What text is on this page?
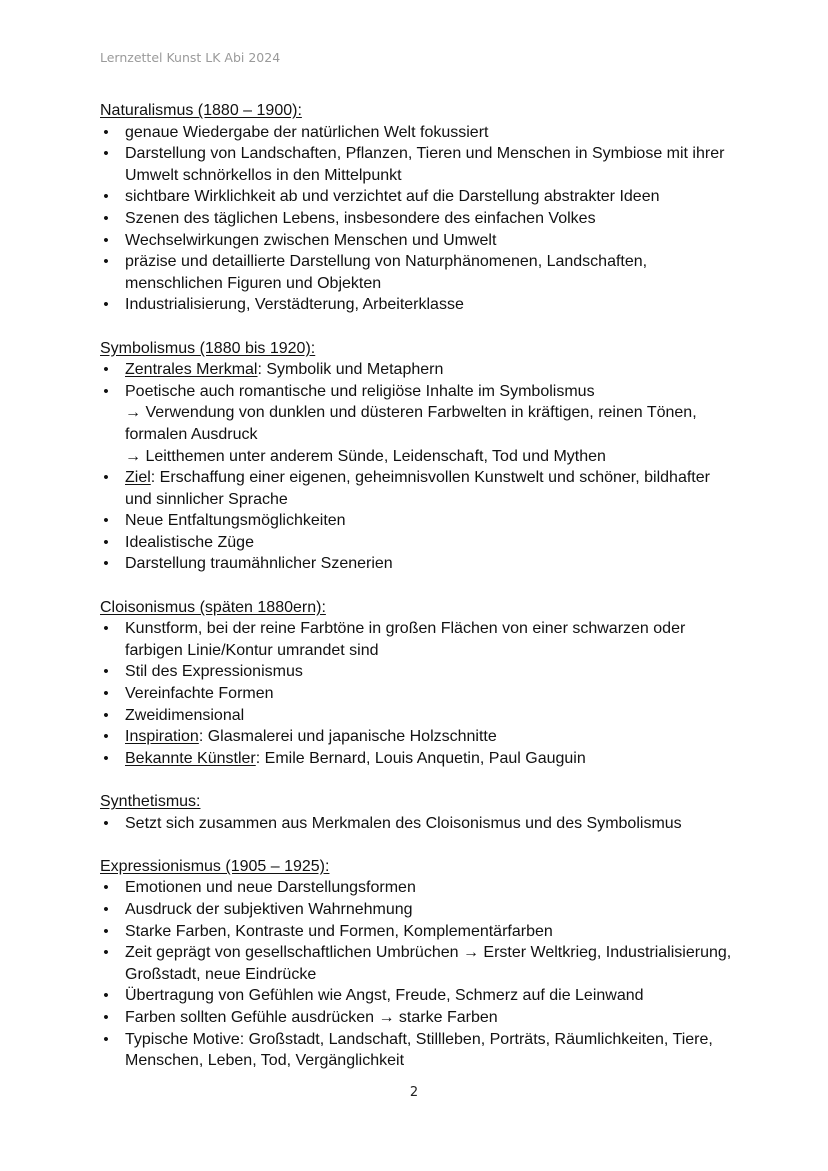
Lernzettel Kunst LK Abi 2024
Naturalismus (1880 – 1900):
• genaue Wiedergabe der natürlichen Welt fokussiert
• Darstellung von Landschaften, Pflanzen, Tieren und Menschen in Symbiose mit ihrer Umwelt schnörkellos in den Mittelpunkt
• sichtbare Wirklichkeit ab und verzichtet auf die Darstellung abstrakter Ideen
• Szenen des täglichen Lebens, insbesondere des einfachen Volkes
• Wechselwirkungen zwischen Menschen und Umwelt
• präzise und detaillierte Darstellung von Naturphänomenen, Landschaften, menschlichen Figuren und Objekten
• Industrialisierung, Verstädterung, Arbeiterklasse
Symbolismus (1880 bis 1920):
• Zentrales Merkmal: Symbolik und Metaphern
• Poetische auch romantische und religiöse Inhalte im Symbolismus
→ Verwendung von dunklen und düsteren Farbwelten in kräftigen, reinen Tönen, formalen Ausdruck
→ Leitthemen unter anderem Sünde, Leidenschaft, Tod und Mythen
• Ziel: Erschaffung einer eigenen, geheimnisvollen Kunstwelt und schöner, bildhafter und sinnlicher Sprache
• Neue Entfaltungsmöglichkeiten
• Idealistische Züge
• Darstellung traumähnlicher Szenerien
Cloisonismus (späten 1880ern):
• Kunstform, bei der reine Farbtöne in großen Flächen von einer schwarzen oder farbigen Linie/Kontur umrandet sind
• Stil des Expressionismus
• Vereinfachte Formen
• Zweidimensional
• Inspiration: Glasmalerei und japanische Holzschnitte
• Bekannte Künstler: Emile Bernard, Louis Anquetin, Paul Gauguin
Synthetismus:
• Setzt sich zusammen aus Merkmalen des Cloisonismus und des Symbolismus
Expressionismus (1905 – 1925):
• Emotionen und neue Darstellungsformen
• Ausdruck der subjektiven Wahrnehmung
• Starke Farben, Kontraste und Formen, Komplementärfarben
• Zeit geprägt von gesellschaftlichen Umbrüchen → Erster Weltkrieg, Industrialisierung, Großstadt, neue Eindrücke
• Übertragung von Gefühlen wie Angst, Freude, Schmerz auf die Leinwand
• Farben sollten Gefühle ausdrücken → starke Farben
• Typische Motive: Großstadt, Landschaft, Stillleben, Porträts, Räumlichkeiten, Tiere, Menschen, Leben, Tod, Vergänglichkeit
2
